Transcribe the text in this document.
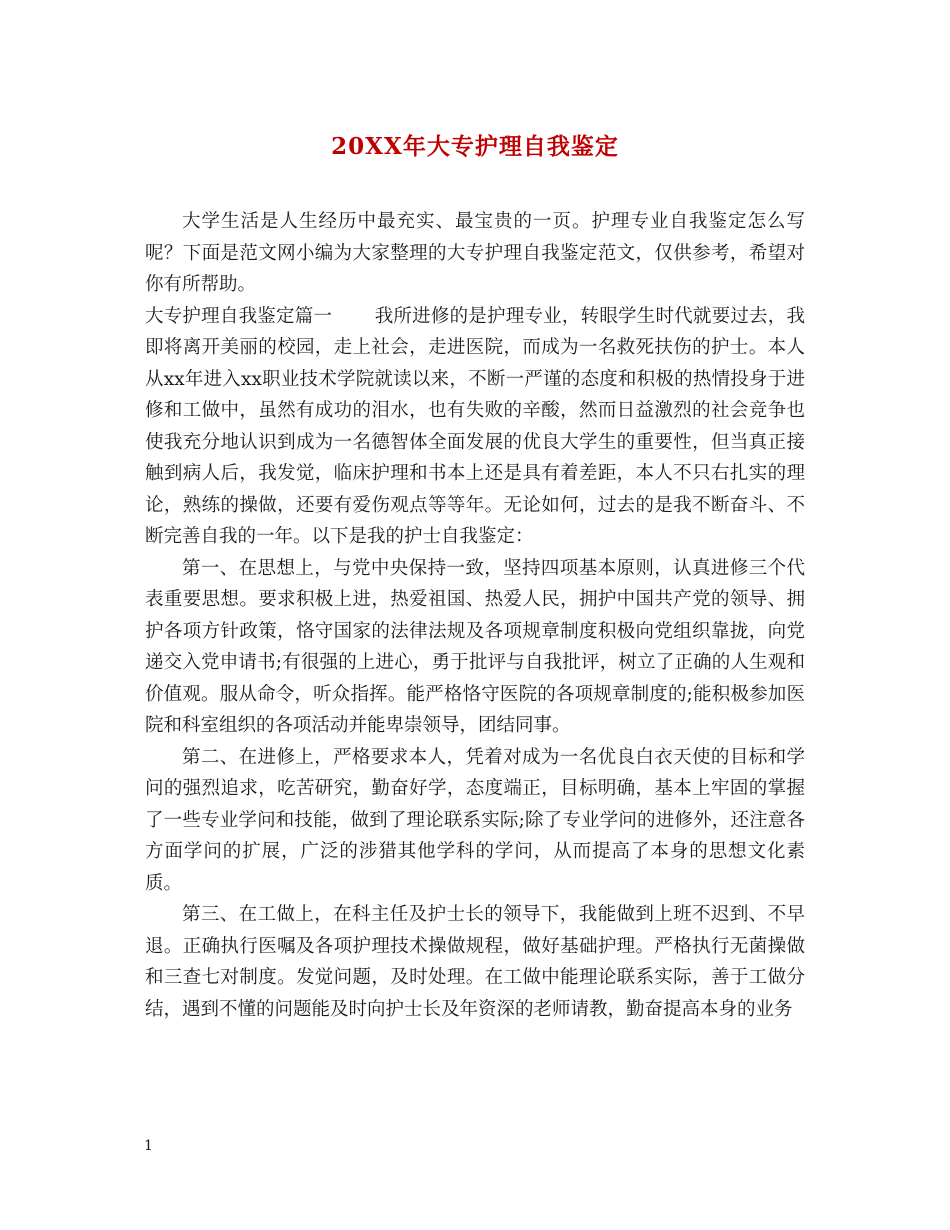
20XX年大专护理自我鉴定

大学生活是人生经历中最充实、最宝贵的一页。护理专业自我鉴定怎么写呢？下面是范文网小编为大家整理的大专护理自我鉴定范文，仅供参考，希望对你有所帮助。

大专护理自我鉴定篇一 我所进修的是护理专业，转眼学生时代就要过去，我即将离开美丽的校园，走上社会，走进医院，而成为一名救死扶伤的护士。本人从xx年进入xx职业技术学院就读以来，不断一严谨的态度和积极的热情投身于进修和工做中，虽然有成功的泪水，也有失败的辛酸，然而日益激烈的社会竞争也使我充分地认识到成为一名德智体全面发展的优良大学生的重要性，但当真正接触到病人后，我发觉，临床护理和书本上还是具有着差距，本人不只右扎实的理论，熟练的操做，还要有爱伤观点等等年。无论如何，过去的是我不断奋斗、不断完善自我的一年。以下是我的护士自我鉴定：

第一、在思想上，与党中央保持一致，坚持四项基本原则，认真进修三个代表重要思想。要求积极上进，热爱祖国、热爱人民，拥护中国共产党的领导、拥护各项方针政策，恪守国家的法律法规及各项规章制度积极向党组织靠拢，向党递交入党申请书;有很强的上进心，勇于批评与自我批评，树立了正确的人生观和价值观。服从命令，听众指挥。能严格恪守医院的各项规章制度的;能积极参加医院和科室组织的各项活动并能卑崇领导，团结同事。

第二、在进修上，严格要求本人，凭着对成为一名优良白衣天使的目标和学问的强烈追求，吃苦研究，勤奋好学，态度端正，目标明确，基本上牢固的掌握了一些专业学问和技能，做到了理论联系实际;除了专业学问的进修外，还注意各方面学问的扩展，广泛的涉猎其他学科的学问，从而提高了本身的思想文化素质。

第三、在工做上，在科主任及护士长的领导下，我能做到上班不迟到、不早退。正确执行医嘱及各项护理技术操做规程，做好基础护理。严格执行无菌操做和三查七对制度。发觉问题，及时处理。在工做中能理论联系实际，善于工做分结，遇到不懂的问题能及时向护士长及年资深的老师请教，勤奋提高本身的业务

1
